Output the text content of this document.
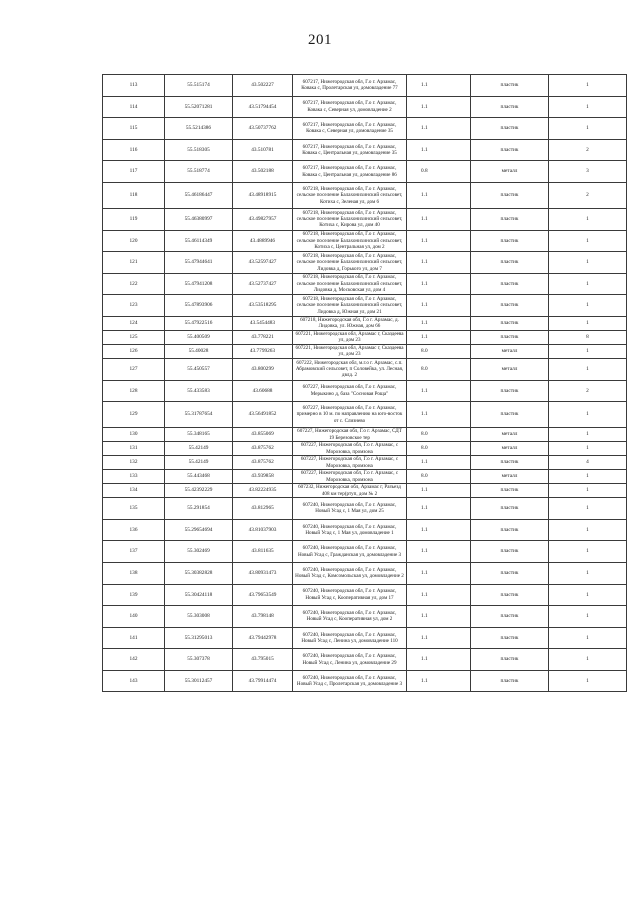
201
113	55.515174	43.502227	607217, Нижегородская обл, Г.о г. Арзамас, Ковака с, Пролетарская ул, домовладение 77	1.1	пластик	1
114	55.52071281	43.51794454	607217, Нижегородская обл, Г.о г. Арзамас, Ковака с, Северная ул, домовладение 2	1.1	пластик	1
115	55.5214386	43.50737762	607217, Нижегородская обл, Г.о г. Арзамас, Ковака с, Северная ул, домовладение 35	1.1	пластик	1
116	55.518305	43.510781	607217, Нижегородская обл, Г.о г. Арзамас, Ковака с, Центральная ул, домовладение 35	1.1	пластик	2
117	55.518774	43.502188	607217, Нижегородская обл, Г.о г. Арзамас, Ковака с, Центральная ул, домовладение 86	0.8	металл	3
118	55.46186447	43.48918915	607218, Нижегородская обл, Г.о г. Арзамас, сельское поселение Балахонихинский сельсовет, Котиха с, Зеленая ул, дом 6	1.1	пластик	2
119	55.46380997	43.49827957	607218, Нижегородская обл, Г.о г. Арзамас, сельское поселение Балахонихинский сельсовет, Котиха с, Кирова ул, дом 40	1.1	пластик	1
120	55.46114349	43.4889946	607218, Нижегородская обл, Г.о г. Арзамас, сельское поселение Балахонихинский сельсовет, Котиха с, Центральная ул, дом 2	1.1	пластик	1
121	55.47944641	43.52597427	607218, Нижегородская обл, Г.о г. Арзамас, сельское поселение Балахонихинский сельсовет, Лидовка д, Горького ул, дом 7	1.1	пластик	1
122	55.47941208	43.52737427	607218, Нижегородская обл, Г.о г. Арзамас, сельское поселение Балахонихинский сельсовет, Лидовка д, Московская ул, дом 4	1.1	пластик	1
123	55.47893906	43.53518295	607218, Нижегородская обл, Г.о г. Арзамас, сельское поселение Балахонихинский сельсовет, Лидовка д, Южная ул, дом 21	1.1	пластик	1
124	55.47922516	43.5454483	607218, Нижегородская обл, Г.о г. Арзамас, д. Лидовка, ул. Южная, дом 66	1.1	пластик	1
125	55.400509	43.778221	607221, Нижегородская обл, Арзамас г, Сказдеева ул, дом 23	1.1	пластик	8
126	55.40028	43.7799263	607221, Нижегородская обл, Арзамас г, Сказдеева ул, дом 23	8.0	металл	1
127	55.450557	43.800299	607222, Нижегородская обл, м.г.о г. Арзамас, с.п. Абрамовский сельсовет, п Соловейка, ул. Лесная, двлд. 2	8.0	металл	1
128	55.433583	43.60688	607227, Нижегородская обл, Г.о г. Арзамас, Мерыкино д, база "Сосновая Роща"	1.1	пластик	2
129	55.31787654	43.56491852	607227, Нижегородская обл, Г.о г. Арзамас, примерно в 10 м. по направлению на юго-восток от с. Слизнево	1.1	пластик	1
130	55.348165	43.855069	607227, Нижегородская обл, Г.о г. Арзамас, СДТ 19 Березовское тер	8.0	металл	1
131	55.42149	43.875762	607227, Нижегородская обл, Г.о г. Арзамас, с Морозовка, промзона	8.0	металл	1
132	55.42149	43.875762	607227, Нижегородская обл, Г.о г. Арзамас, с Морозовка, промзона	1.1	пластик	4
133	55.443468	43.939858	607227, Нижегородская обл, Г.о г. Арзамас, с Морозовка, промзона	8.0	металл	1
134	55.42392229	43.82224935	607232, Нижегородская обл, Арзамас г, Разъезд 408 км тер(ртуп, дом № 2	1.1	пластик	1
135	55.291854	43.812965	607240, Нижегородская обл, Г.о г. Арзамас, Новый Усад с, 1 Мая ул, дом 25	1.1	пластик	1
136	55.29654694	43.81037903	607240, Нижегородская обл, Г.о г. Арзамас, Новый Усад с, 1 Мая ул, домовладение 1	1.1	пластик	1
137	55.302469	43.811635	607240, Нижегородская обл, Г.о г. Арзамас, Новый Усад с, Гражданская ул, домовладение 3	1.1	пластик	1
138	55.30382828	43.80931473	607240, Нижегородская обл, Г.о г. Арзамас, Новый Усад с, Комсомольская ул, домовладение 2	1.1	пластик	1
139	55.30424118	43.79653549	607240, Нижегородская обл, Г.о г. Арзамас, Новый Усад с, Кооперативная ул, дом 17	1.1	пластик	1
140	55.303008	43.798148	607240, Нижегородская обл, Г.о г. Арзамас, Новый Усад с, Кооперативная ул, дом 2	1.1	пластик	1
141	55.31295013	43.79442978	607240, Нижегородская обл, Г.о г. Арзамас, Новый Усад с, Ленина ул, домовладение 110	1.1	пластик	1
142	55.307378	43.795015	607240, Нижегородская обл, Г.о г. Арзамас, Новый Усад с, Ленина ул, домовладение 29	1.1	пластик	1
143	55.30112457	43.79914474	607240, Нижегородская обл, Г.о г. Арзамас, Новый Усад с, Пролетарская ул, домовладение 3	1.1	пластик	1
